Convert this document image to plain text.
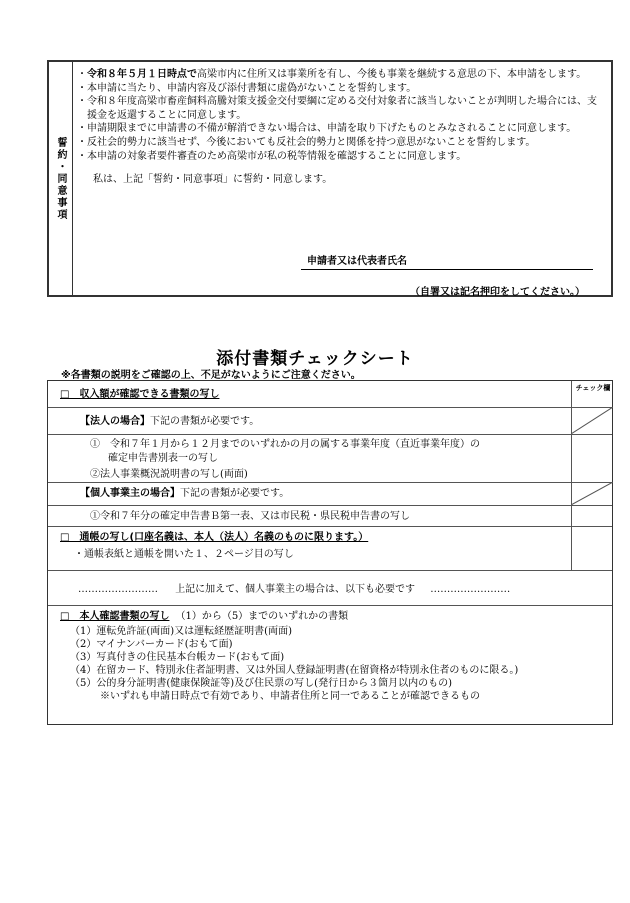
誓約・同意事項

・令和８年５月１日時点で高梁市内に住所又は事業所を有し、今後も事業を継続する意思の下、本申請をします。

・本申請に当たり、申請内容及び添付書類に虚偽がないことを誓約します。

・令和８年度高梁市畜産飼料高騰対策支援金交付要綱に定める交付対象者に該当しないことが判明した場合には、支援金を返還することに同意します。

・申請期限までに申請書の不備が解消できない場合は、申請を取り下げたものとみなされることに同意します。

・反社会的勢力に該当せず、今後においても反社会的勢力と関係を持つ意思がないことを誓約します。

・本申請の対象者要件審査のため高梁市が私の税等情報を確認することに同意します。

私は、上記「誓約・同意事項」に誓約・同意します。

申請者又は代表者氏名
（自署又は記名押印をしてください。）
添付書類チェックシート
※各書類の説明をご確認の上、不足がないようにご注意ください。
チェック欄
□　収入額が確認できる書類の写し
【法人の場合】下記の書類が必要です。
①　令和７年１月から１２月までのいずれかの月の属する事業年度（直近事業年度）の
確定申告書別表一の写し
②法人事業概況説明書の写し(両面)
【個人事業主の場合】下記の書類が必要です。
①令和７年分の確定申告書Ｂ第一表、又は市民税・県民税申告書の写し
□　通帳の写し(口座名義は、本人（法人）名義のものに限ります。）
・通帳表紙と通帳を開いた１、２ページ目の写し
…………………… 上記に加えて、個人事業主の場合は、以下も必要です ……………………
□　本人確認書類の写し （1）から（5）までのいずれかの書類
（1）運転免許証(両面)又は運転経歴証明書(両面)
（2）マイナンバーカード(おもて面)
（3）写真付きの住民基本台帳カード(おもて面)
（4）在留カード、特別永住者証明書、又は外国人登録証明書(在留資格が特別永住者のものに限る。)
（5）公的身分証明書(健康保険証等)及び住民票の写し(発行日から３箇月以内のもの)
※いずれも申請日時点で有効であり、申請者住所と同一であることが確認できるもの
